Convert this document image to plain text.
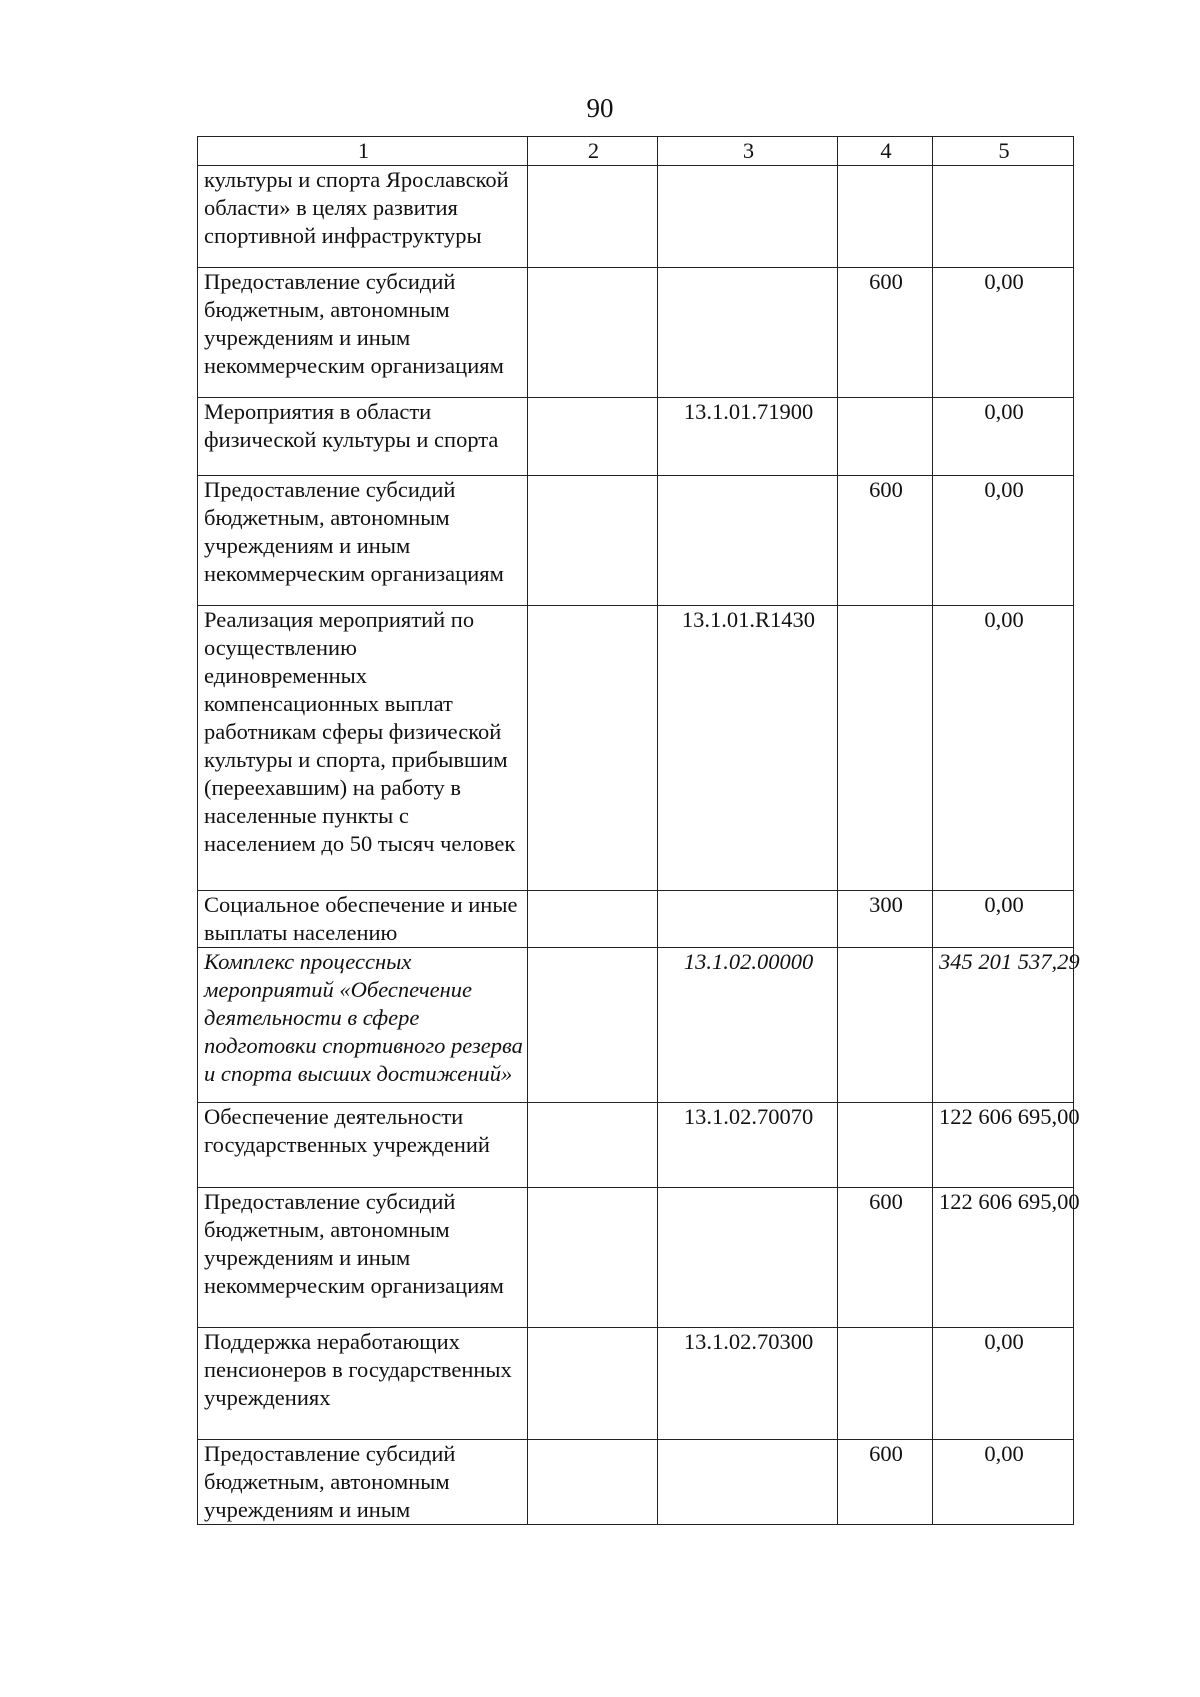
90
1	2	3	4	5
культуры и спорта Ярославской области» в целях развития спортивной инфраструктуры				
Предоставление субсидий бюджетным, автономным учреждениям и иным некоммерческим организациям			600	0,00
Мероприятия в области физической культуры и спорта		13.1.01.71900		0,00
Предоставление субсидий бюджетным, автономным учреждениям и иным некоммерческим организациям			600	0,00
Реализация мероприятий по осуществлению единовременных компенсационных выплат работникам сферы физической культуры и спорта, прибывшим (переехавшим) на работу в населенные пункты с населением до 50 тысяч человек		13.1.01.R1430		0,00
Социальное обеспечение и иные выплаты населению			300	0,00
Комплекс процессных мероприятий «Обеспечение деятельности в сфере подготовки спортивного резерва и спорта высших достижений»		13.1.02.00000		345 201 537,29
Обеспечение деятельности государственных учреждений		13.1.02.70070		122 606 695,00
Предоставление субсидий бюджетным, автономным учреждениям и иным некоммерческим организациям			600	122 606 695,00
Поддержка неработающих пенсионеров в государственных учреждениях		13.1.02.70300		0,00
Предоставление субсидий бюджетным, автономным учреждениям и иным			600	0,00
